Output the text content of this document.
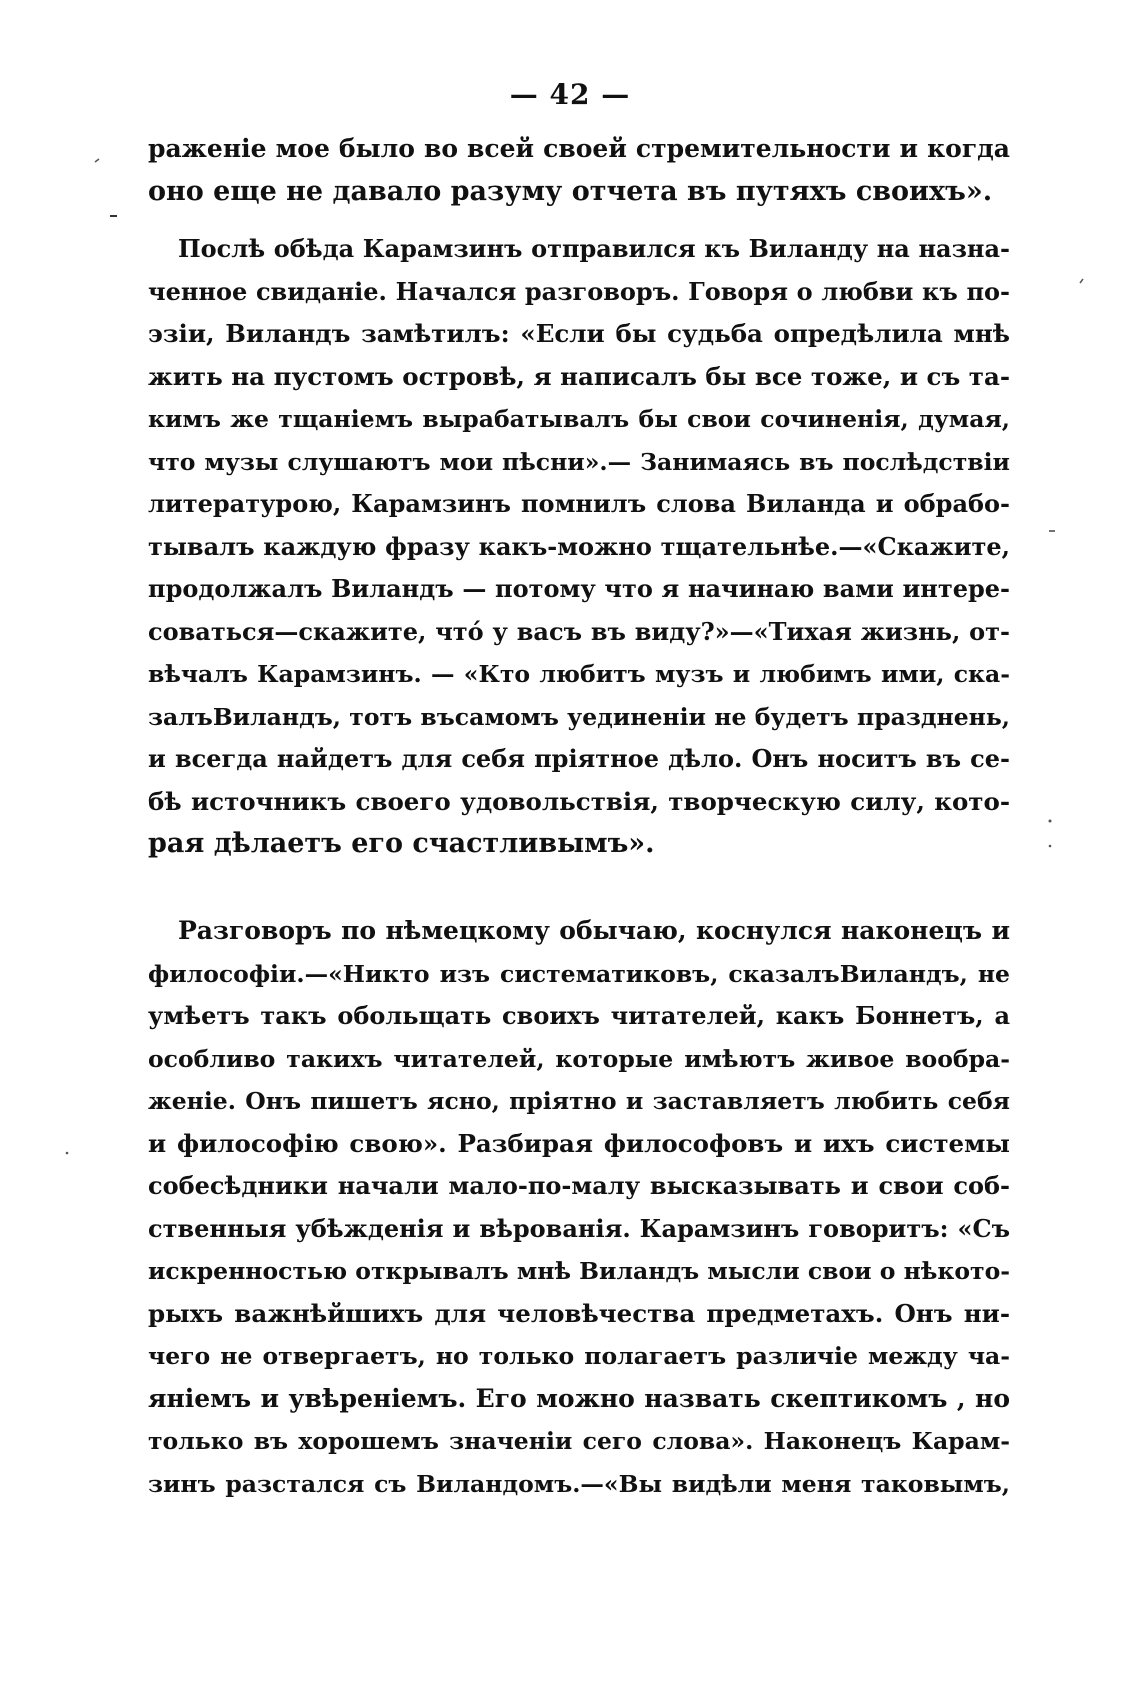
— 42 —
раженіе мое было во всей своей стремительности и когда
оно еще не давало разуму отчета въ путяхъ своихъ».
Послѣ обѣда Карамзинъ отправился къ Виланду на назна-
ченное свиданіе. Начался разговоръ. Говоря о любви къ по-
эзіи, Виландъ замѣтилъ: «Если бы судьба опредѣлила мнѣ
жить на пустомъ островѣ, я написалъ бы все тоже, и съ та-
кимъ же тщаніемъ вырабатывалъ бы свои сочиненія, думая,
что музы слушаютъ мои пѣсни».— Занимаясь въ послѣдствіи
литературою, Карамзинъ помнилъ слова Виланда и обрабо-
тывалъ каждую фразу какъ-можно тщательнѣе.—«Скажите,
продолжалъ Виландъ — потому что я начинаю вами интере-
соваться—скажите, что́ у васъ въ виду?»—«Тихая жизнь, от-
вѣчалъ Карамзинъ. — «Кто любитъ музъ и любимъ ими, ска-
залъВиландъ, тотъ въсамомъ уединеніи не будетъ празднень,
и всегда найдетъ для себя пріятное дѣло. Онъ носитъ въ се-
бѣ источникъ своего удовольствія, творческую силу, кото-
рая дѣлаетъ его счастливымъ».
Разговоръ по нѣмецкому обычаю, коснулся наконецъ и
философіи.—«Никто изъ систематиковъ, сказалъВиландъ, не
умѣетъ такъ обольщать своихъ читателей, какъ Боннетъ, а
особливо такихъ читателей, которые имѣютъ живое вообра-
женіе. Онъ пишетъ ясно, пріятно и заставляетъ любить себя
и философію свою». Разбирая философовъ и ихъ системы
собесѣдники начали мало-по-малу высказывать и свои соб-
ственныя убѣжденія и вѣрованія. Карамзинъ говоритъ: «Съ
искренностью открывалъ мнѣ Виландъ мысли свои о нѣкото-
рыхъ важнѣйшихъ для человѣчества предметахъ. Онъ ни-
чего не отвергаетъ, но только полагаетъ различіе между ча-
яніемъ и увѣреніемъ. Его можно назвать скептикомъ , но
только въ хорошемъ значеніи сего слова». Наконецъ Карам-
зинъ разстался съ Виландомъ.—«Вы видѣли меня таковымъ,
